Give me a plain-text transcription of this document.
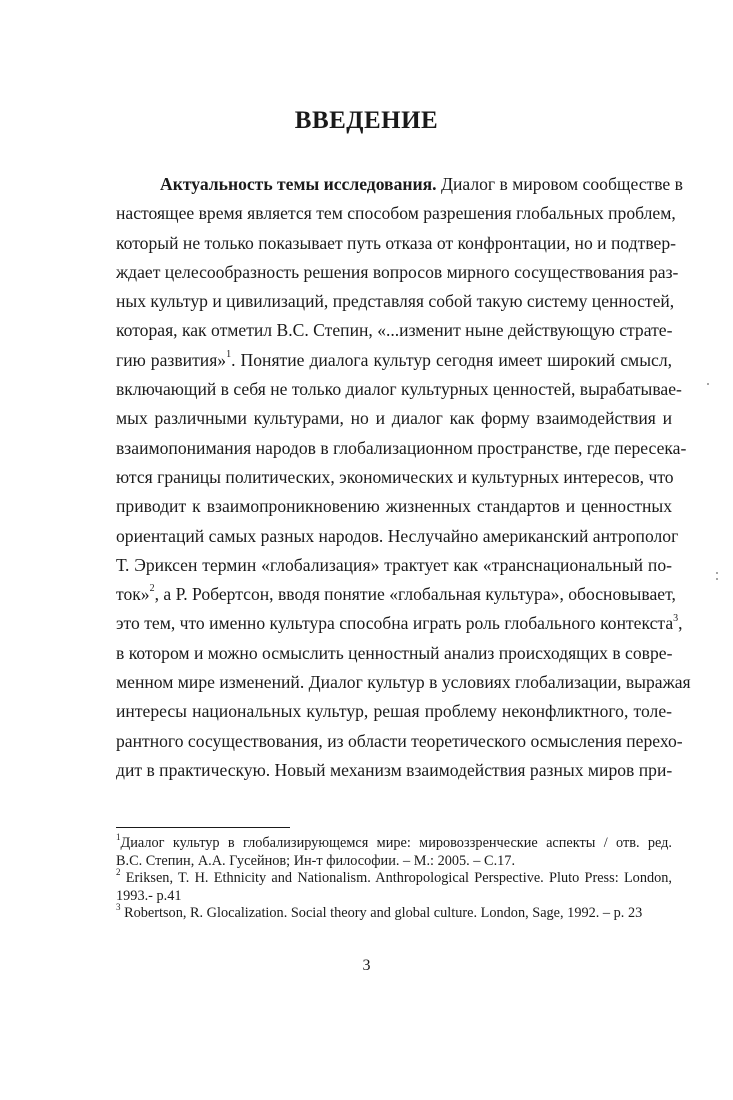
ВВЕДЕНИЕ
Актуальность темы исследования. Диалог в мировом сообществе в
настоящее время является тем способом разрешения глобальных проблем,
который не только показывает путь отказа от конфронтации, но и подтвер-
ждает целесообразность решения вопросов мирного сосуществования раз-
ных культур и цивилизаций, представляя собой такую систему ценностей,
которая, как отметил В.С. Степин, «...изменит ныне действующую страте-
гию развития»$^1$. Понятие диалога культур сегодня имеет широкий смысл,
включающий в себя не только диалог культурных ценностей, вырабатывае-
мых различными культурами, но и диалог как форму взаимодействия и
взаимопонимания народов в глобализационном пространстве, где пересека-
ются границы политических, экономических и культурных интересов, что
приводит к взаимопроникновению жизненных стандартов и ценностных
ориентаций самых разных народов. Неслучайно американский антрополог
Т. Эриксен термин «глобализация» трактует как «транснациональный по-
ток»$^2$, а Р. Робертсон, вводя понятие «глобальная культура», обосновывает,
это тем, что именно культура способна играть роль глобального контекста$^3$,
в котором и можно осмыслить ценностный анализ происходящих в совре-
менном мире изменений. Диалог культур в условиях глобализации, выражая
интересы национальных культур, решая проблему неконфликтного, толе-
рантного сосуществования, из области теоретического осмысления перехо-
дит в практическую. Новый механизм взаимодействия разных миров при-
$^1$Диалог культур в глобализирующемся мире: мировоззренческие аспекты / отв. ред.
В.С. Степин, А.А. Гусейнов; Ин-т философии. – М.: 2005. – С.17.
$^2$ Eriksen, T. H. Ethnicity and Nationalism. Anthropological Perspective. Pluto Press: London,
1993.- p.41
$^3$ Robertson, R. Glocalization. Social theory and global culture. London, Sage, 1992. – p. 23
3
